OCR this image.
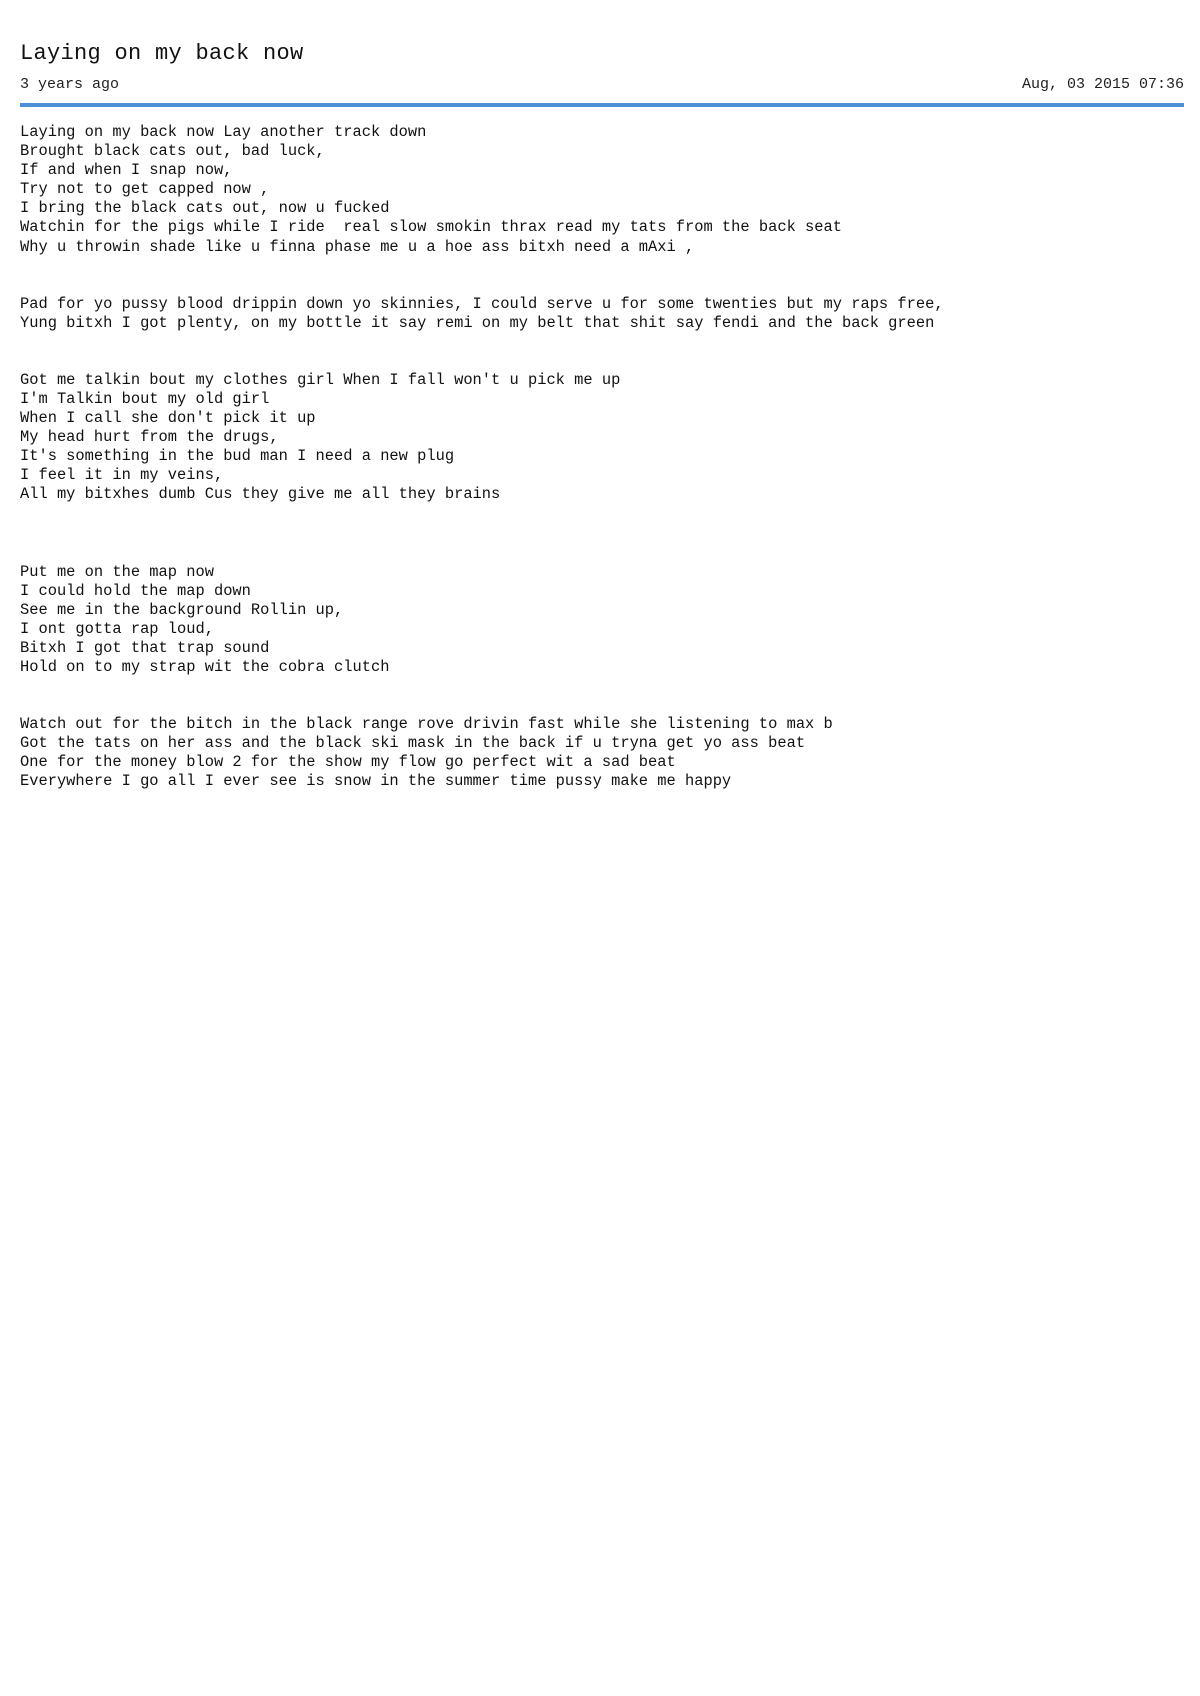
Laying on my back now
3 years ago	Aug, 03 2015 07:36
Laying on my back now Lay another track down
Brought black cats out, bad luck,
If and when I snap now,
Try not to get capped now ,
I bring the black cats out, now u fucked
Watchin for the pigs while I ride  real slow smokin thrax read my tats from the back seat
Why u throwin shade like u finna phase me u a hoe ass bitxh need a mAxi ,
Pad for yo pussy blood drippin down yo skinnies, I could serve u for some twenties but my raps free,
Yung bitxh I got plenty, on my bottle it say remi on my belt that shit say fendi and the back green
Got me talkin bout my clothes girl When I fall won't u pick me up
I'm Talkin bout my old girl
When I call she don't pick it up
My head hurt from the drugs,
It's something in the bud man I need a new plug
I feel it in my veins,
All my bitxhes dumb Cus they give me all they brains
Put me on the map now
I could hold the map down
See me in the background Rollin up,
I ont gotta rap loud,
Bitxh I got that trap sound
Hold on to my strap wit the cobra clutch
Watch out for the bitch in the black range rove drivin fast while she listening to max b
Got the tats on her ass and the black ski mask in the back if u tryna get yo ass beat
One for the money blow 2 for the show my flow go perfect wit a sad beat
Everywhere I go all I ever see is snow in the summer time pussy make me happy
